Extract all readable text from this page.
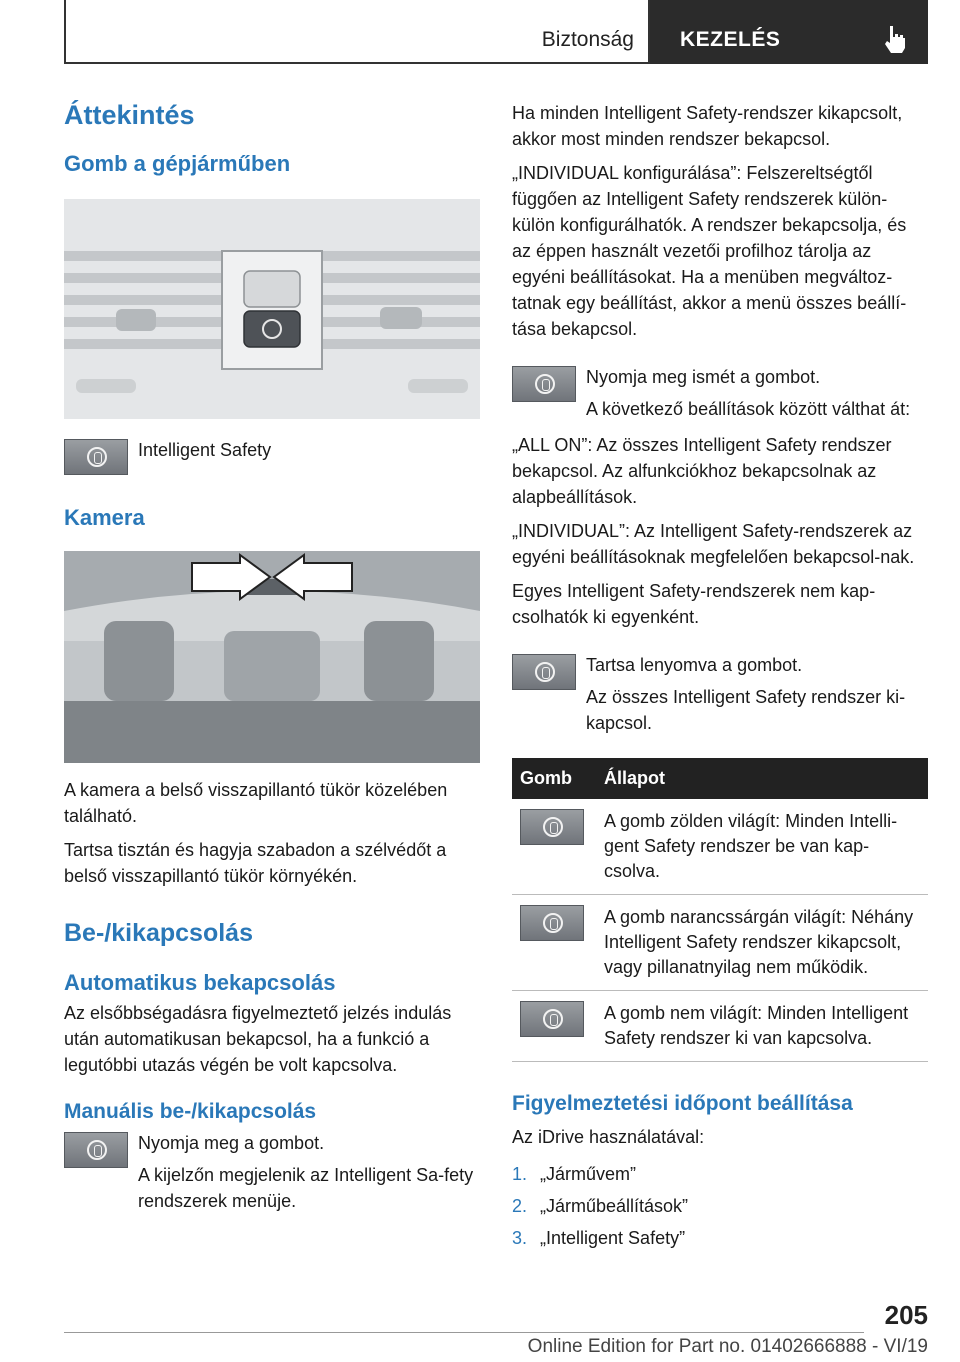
Biztonság KEZELÉS
Áttekintés
Gomb a gépjárműben
Intelligent Safety
Kamera

A kamera a belső visszapillantó tükör közelében található.

Tartsa tisztán és hagyja szabadon a szélvédőt a belső visszapillantó tükör környékén.

Be-/kikapcsolás
Automatikus bekapcsolás

Az elsőbbségadásra figyelmeztető jelzés indulás után automatikusan bekapcsol, ha a funkció a legutóbbi utazás végén be volt kapcsolva.

Manuális be-/kikapcsolás

Nyomja meg a gombot.

A kijelzőn megjelenik az Intelligent Sa-fety rendszerek menüje.

Ha minden Intelligent Safety-rendszer kikapcsolt, akkor most minden rendszer bekapcsol.

„INDIVIDUAL konfigurálása”: Felszereltségtől függően az Intelligent Safety rendszerek külön-külön konfigurálhatók. A rendszer bekapcsolja, és az éppen használt vezetői profilhoz tárolja az egyéni beállításokat. Ha a menüben megváltoz-tatnak egy beállítást, akkor a menü összes beállí-tása bekapcsol.

Nyomja meg ismét a gombot.

A következő beállítások között válthat át:

„ALL ON”: Az összes Intelligent Safety rendszer bekapcsol. Az alfunkciókhoz bekapcsolnak az alapbeállítások.

„INDIVIDUAL”: Az Intelligent Safety-rendszerek az egyéni beállításoknak megfelelően bekapcsol-nak.

Egyes Intelligent Safety-rendszerek nem kap-csolhatók ki egyenként.

Tartsa lenyomva a gombot.

Az összes Intelligent Safety rendszer ki-kapcsol.

Gomb	Állapot

	A gomb zölden világít: Minden Intelli-gent Safety rendszer be van kap-csolva.

	A gomb narancssárgán világít: Néhány Intelligent Safety rendszer kikapcsolt, vagy pillanatnyilag nem működik.

	A gomb nem világít: Minden Intelligent Safety rendszer ki van kapcsolva.
Figyelmeztetési időpont beállítása

Az iDrive használatával:

1. „Járművem”
2. „Járműbeállítások”
3. „Intelligent Safety”
205
Online Edition for Part no. 01402666888 - VI/19
